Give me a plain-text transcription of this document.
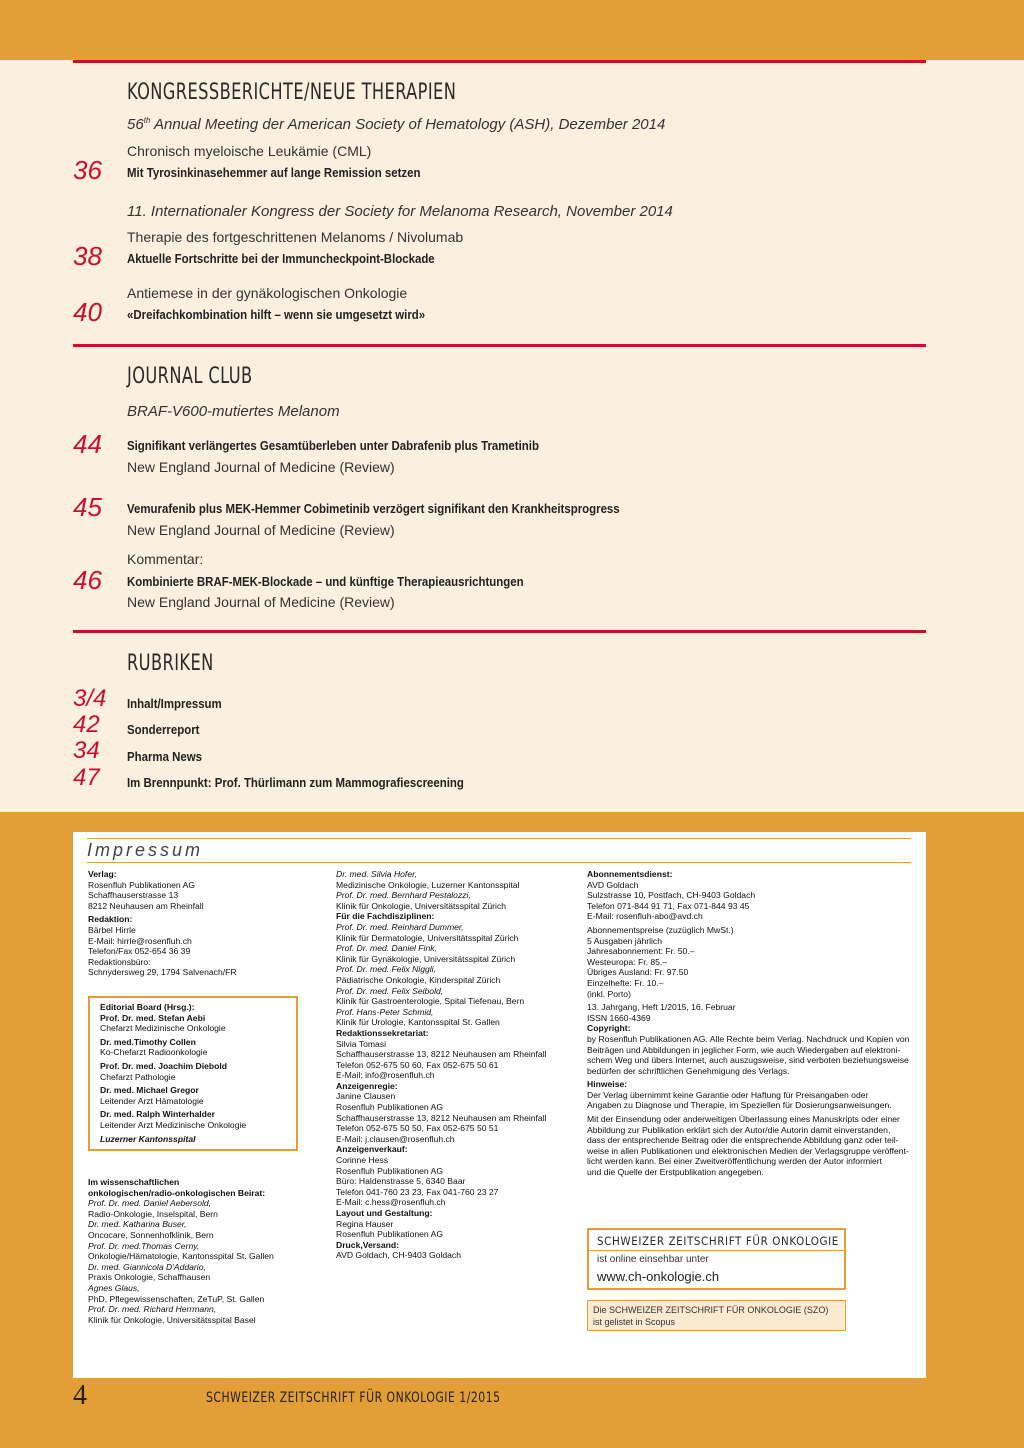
KONGRESSBERICHTE/NEUE THERAPIEN
56th Annual Meeting der American Society of Hematology (ASH), Dezember 2014
Chronisch myeloische Leukämie (CML)
36 Mit Tyrosinkinasehemmer auf lange Remission setzen
11. Internationaler Kongress der Society for Melanoma Research, November 2014
Therapie des fortgeschrittenen Melanoms / Nivolumab
38 Aktuelle Fortschritte bei der Immuncheckpoint-Blockade
Antiemese in der gynäkologischen Onkologie
40 «Dreifachkombination hilft – wenn sie umgesetzt wird»
JOURNAL CLUB
BRAF-V600-mutiertes Melanom
44 Signifikant verlängertes Gesamtüberleben unter Dabrafenib plus Trametinib
New England Journal of Medicine (Review)
45 Vemurafenib plus MEK-Hemmer Cobimetinib verzögert signifikant den Krankheitsprogress
New England Journal of Medicine (Review)
Kommentar:
46 Kombinierte BRAF-MEK-Blockade – und künftige Therapieausrichtungen
New England Journal of Medicine (Review)
RUBRIKEN
3/4 Inhalt/Impressum
42 Sonderreport
34 Pharma News
47 Im Brennpunkt: Prof. Thürlimann zum Mammografiescreening
Impressum
Verlag:
Rosenfluh Publikationen AG
Schaffhauserstrasse 13
8212 Neuhausen am Rheinfall
Redaktion:
Bärbel Hirrle
E-Mail: hirrle@rosenfluh.ch
Telefon/Fax 052-654 36 39
Redaktionsbüro:
Schnydersweg 29, 1794 Salvenach/FR
Editorial Board (Hrsg.):
Prof. Dr. med. Stefan Aebi
Chefarzt Medizinische Onkologie
Dr. med.Timothy Collen
Ko-Chefarzt Radioonkologie
Prof. Dr. med. Joachim Diebold
Chefarzt Pathologie
Dr. med. Michael Gregor
Leitender Arzt Hämatologie
Dr. med. Ralph Winterhalder
Leitender Arzt Medizinische Onkologie
Luzerner Kantonsspital
Im wissenschaftlichen
onkologischen/radio-onkologischen Beirat:
Prof. Dr. med. Daniel Aebersold,
Radio-Onkologie, Inselspital, Bern
Dr. med. Katharina Buser,
Oncocare, Sonnenhofklinik, Bern
Prof. Dr. med.Thomas Cerny,
Onkologie/Hämatologie, Kantonsspital St. Gallen
Dr. med. Giannicola D'Addario,
Praxis Onkologie, Schaffhausen
Agnes Glaus,
PhD, Pflegewissenschaften, ZeTuP, St. Gallen
Prof. Dr. med. Richard Herrmann,
Klinik für Onkologie, Universitätsspital Basel
Dr. med. Silvia Hofer,
Medizinische Onkologie, Luzerner Kantonsspital
Prof. Dr. med. Bernhard Pestalozzi,
Klinik für Onkologie, Universitätsspital Zürich
Für die Fachdisziplinen:
Prof. Dr. med. Reinhard Dummer,
Klinik für Dermatologie, Universitätsspital Zürich
Prof. Dr. med. Daniel Fink,
Klinik für Gynäkologie, Universitätsspital Zürich
Prof. Dr. med. Felix Niggli,
Pädiatrische Onkologie, Kinderspital Zürich
Prof. Dr. med. Felix Seibold,
Klinik für Gastroenterologie, Spital Tiefenau, Bern
Prof. Hans-Peter Schmid,
Klinik für Urologie, Kantonsspital St. Gallen
Redaktionssekretariat:
Silvia Tomasi
Schaffhauserstrasse 13, 8212 Neuhausen am Rheinfall
Telefon 052-675 50 60, Fax 052-675 50 61
E-Mail: info@rosenfluh.ch
Anzeigenregie:
Janine Clausen
Rosenfluh Publikationen AG
Schaffhauserstrasse 13, 8212 Neuhausen am Rheinfall
Telefon 052-675 50 50, Fax 052-675 50 51
E-Mail: j.clausen@rosenfluh.ch
Anzeigenverkauf:
Corinne Hess
Rosenfluh Publikationen AG
Büro: Haldenstrasse 5, 6340 Baar
Telefon 041-760 23 23, Fax 041-760 23 27
E-Mail: c.hess@rosenfluh.ch
Layout und Gestaltung:
Regina Hauser
Rosenfluh Publikationen AG
Druck,Versand:
AVD Goldach, CH-9403 Goldach
Abonnementsdienst:
AVD Goldach
Sulzstrasse 10, Postfach, CH-9403 Goldach
Telefon 071-844 91 71, Fax 071-844 93 45
E-Mail: rosenfluh-abo@avd.ch
Abonnementspreise (zuzüglich MwSt.)
5 Ausgaben jährlich
Jahresabonnement: Fr. 50.–
Westeuropa: Fr. 85.–
Übriges Ausland: Fr. 97.50
Einzelhefte: Fr. 10.–
(inkl. Porto)
13. Jahrgang, Heft 1/2015, 16. Februar
ISSN 1660-4369
Copyright:
by Rosenfluh Publikationen AG. Alle Rechte beim Verlag. Nachdruck und Kopien von
Beiträgen und Abbildungen in jeglicher Form, wie auch Wiedergaben auf elektroni-
schem Weg und übers Internet, auch auszugsweise, sind verboten beziehungsweise
bedürfen der schriftlichen Genehmigung des Verlags.
Hinweise:
Der Verlag übernimmt keine Garantie oder Haftung für Preisangaben oder
Angaben zu Diagnose und Therapie, im Speziellen für Dosierungsanweisungen.
Mit der Einsendung oder anderweitigen Überlassung eines Manuskripts oder einer
Abbildung zur Publikation erklärt sich der Autor/die Autorin damit einverstanden,
dass der entsprechende Beitrag oder die entsprechende Abbildung ganz oder teil-
weise in allen Publikationen und elektronischen Medien der Verlagsgruppe veröffent-
licht werden kann. Bei einer Zweitveröffentlichung werden der Autor informiert
und die Quelle der Erstpublikation angegeben.
SCHWEIZER ZEITSCHRIFT FÜR ONKOLOGIE
ist online einsehbar unter
www.ch-onkologie.ch
Die SCHWEIZER ZEITSCHRIFT FÜR ONKOLOGIE (SZO)
ist gelistet in Scopus
4	SCHWEIZER ZEITSCHRIFT FÜR ONKOLOGIE 1/2015
